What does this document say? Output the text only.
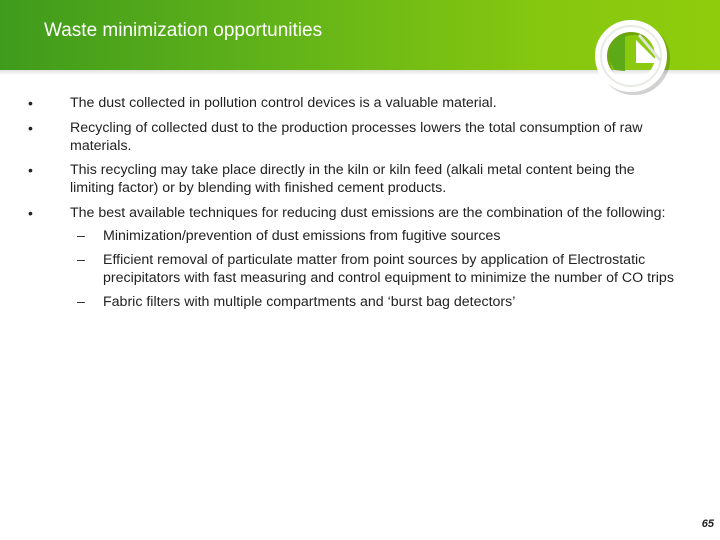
Waste minimization opportunities
•	The dust collected in pollution control devices is a valuable material.
•	Recycling of collected dust to the production processes lowers the total consumption of raw materials.
•	This recycling may take place directly in the kiln or kiln feed (alkali metal content being the limiting factor) or by blending with finished cement products.
•	The best available techniques for reducing dust emissions are the combination of the following:
– Minimization/prevention of dust emissions from fugitive sources
– Efficient removal of particulate matter from point sources by application of Electrostatic precipitators with fast measuring and control equipment to minimize the number of CO trips
– Fabric filters with multiple compartments and ‘burst bag detectors’
65
